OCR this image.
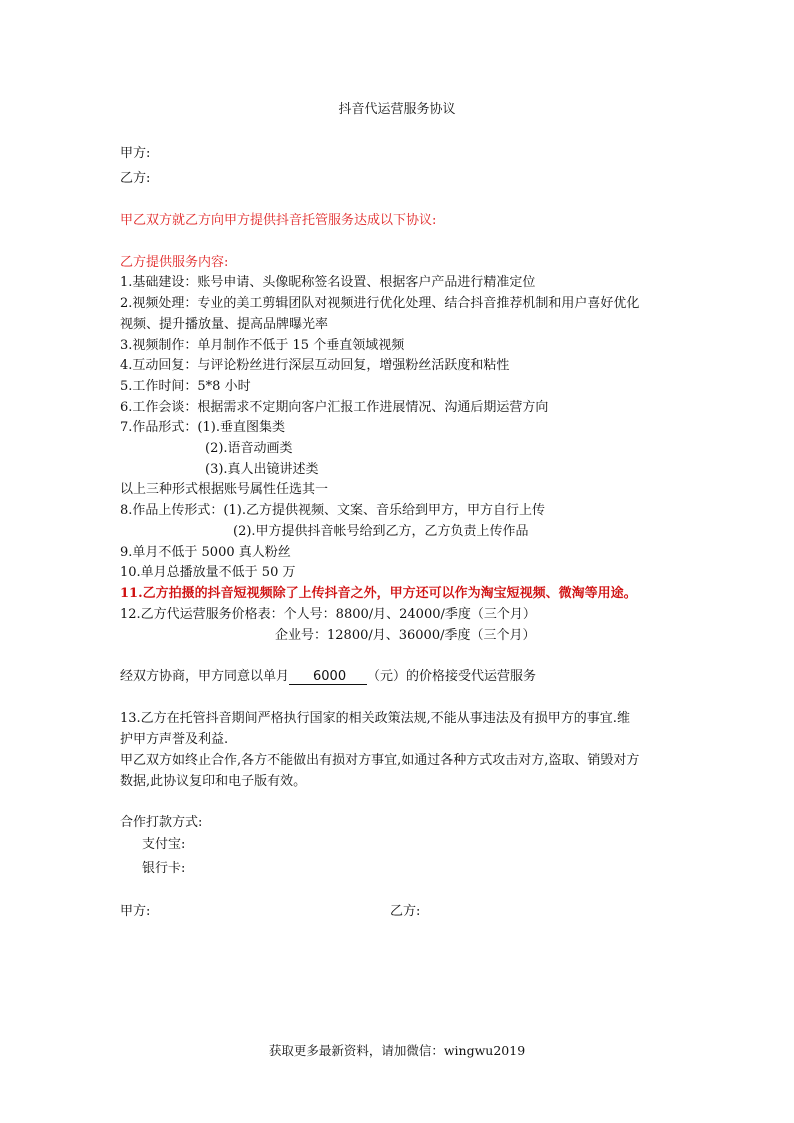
抖音代运营服务协议
甲方:
乙方:
甲乙双方就乙方向甲方提供抖音托管服务达成以下协议:
乙方提供服务内容:
1.基础建设：账号申请、头像昵称签名设置、根据客户产品进行精准定位
2.视频处理：专业的美工剪辑团队对视频进行优化处理、结合抖音推荐机制和用户喜好优化
视频、提升播放量、提高品牌曝光率
3.视频制作：单月制作不低于 15 个垂直领域视频
4.互动回复：与评论粉丝进行深层互动回复，增强粉丝活跃度和粘性
5.工作时间：5*8 小时
6.工作会谈：根据需求不定期向客户汇报工作进展情况、沟通后期运营方向
7.作品形式：(1).垂直图集类
(2).语音动画类
(3).真人出镜讲述类
以上三种形式根据账号属性任选其一
8.作品上传形式：(1).乙方提供视频、文案、音乐给到甲方，甲方自行上传
(2).甲方提供抖音帐号给到乙方，乙方负责上传作品
9.单月不低于 5000 真人粉丝
10.单月总播放量不低于 50 万
11.乙方拍摄的抖音短视频除了上传抖音之外，甲方还可以作为淘宝短视频、微淘等用途。
12.乙方代运营服务价格表：个人号：8800/月、24000/季度（三个月）
企业号：12800/月、36000/季度（三个月）
经双方协商，甲方同意以单月 6000 （元）的价格接受代运营服务
13.乙方在托管抖音期间严格执行国家的相关政策法规,不能从事违法及有损甲方的事宜.维
护甲方声誉及利益.
甲乙双方如终止合作,各方不能做出有损对方事宜,如通过各种方式攻击对方,盗取、销毁对方
数据,此协议复印和电子版有效。
合作打款方式:
支付宝:
银行卡:
甲方:	乙方:
获取更多最新资料，请加微信：wingwu2019
